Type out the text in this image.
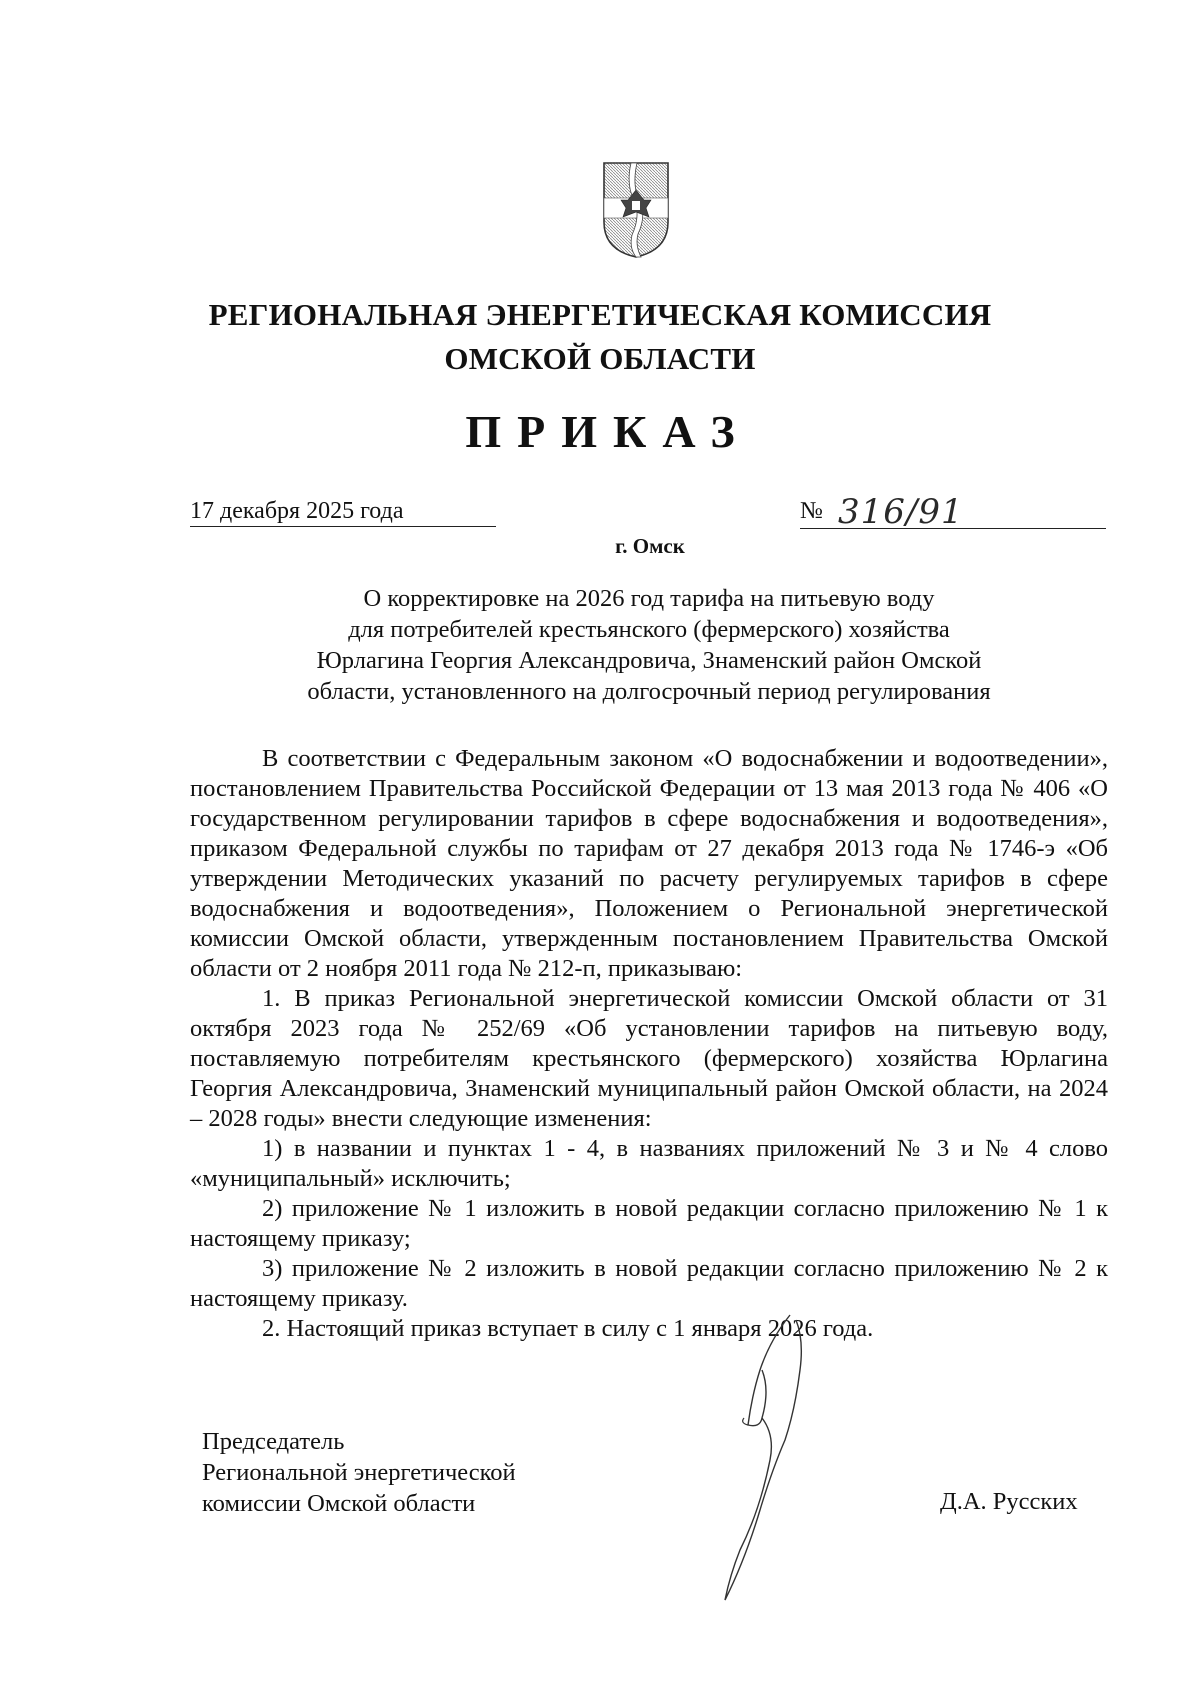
РЕГИОНАЛЬНАЯ ЭНЕРГЕТИЧЕСКАЯ КОМИССИЯ
ОМСКОЙ ОБЛАСТИ
ПРИКАЗ
17 декабря 2025 года	№ 316/91
г. Омск
О корректировке на 2026 год тарифа на питьевую воду
для потребителей крестьянского (фермерского) хозяйства
Юрлагина Георгия Александровича, Знаменский район Омской
области, установленного на долгосрочный период регулирования

В соответствии с Федеральным законом «О водоснабжении и водоотведении», постановлением Правительства Российской Федерации от 13 мая 2013 года № 406 «О государственном регулировании тарифов в сфере водоснабжения и водоотведения», приказом Федеральной службы по тарифам от 27 декабря 2013 года № 1746-э «Об утверждении Методических указаний по расчету регулируемых тарифов в сфере водоснабжения и водоотведения», Положением о Региональной энергетической комиссии Омской области, утвержденным постановлением Правительства Омской области от 2 ноября 2011 года № 212-п, приказываю:

1. В приказ Региональной энергетической комиссии Омской области от 31 октября 2023 года № 252/69 «Об установлении тарифов на питьевую воду, поставляемую потребителям крестьянского (фермерского) хозяйства Юрлагина Георгия Александровича, Знаменский муниципальный район Омской области, на 2024 – 2028 годы» внести следующие изменения:

1) в названии и пунктах 1 - 4, в названиях приложений № 3 и № 4 слово «муниципальный» исключить;

2) приложение № 1 изложить в новой редакции согласно приложению № 1 к настоящему приказу;

3) приложение № 2 изложить в новой редакции согласно приложению № 2 к настоящему приказу.

2. Настоящий приказ вступает в силу с 1 января 2026 года.

Председатель
Региональной энергетической
комиссии Омской области	Д.А. Русских
